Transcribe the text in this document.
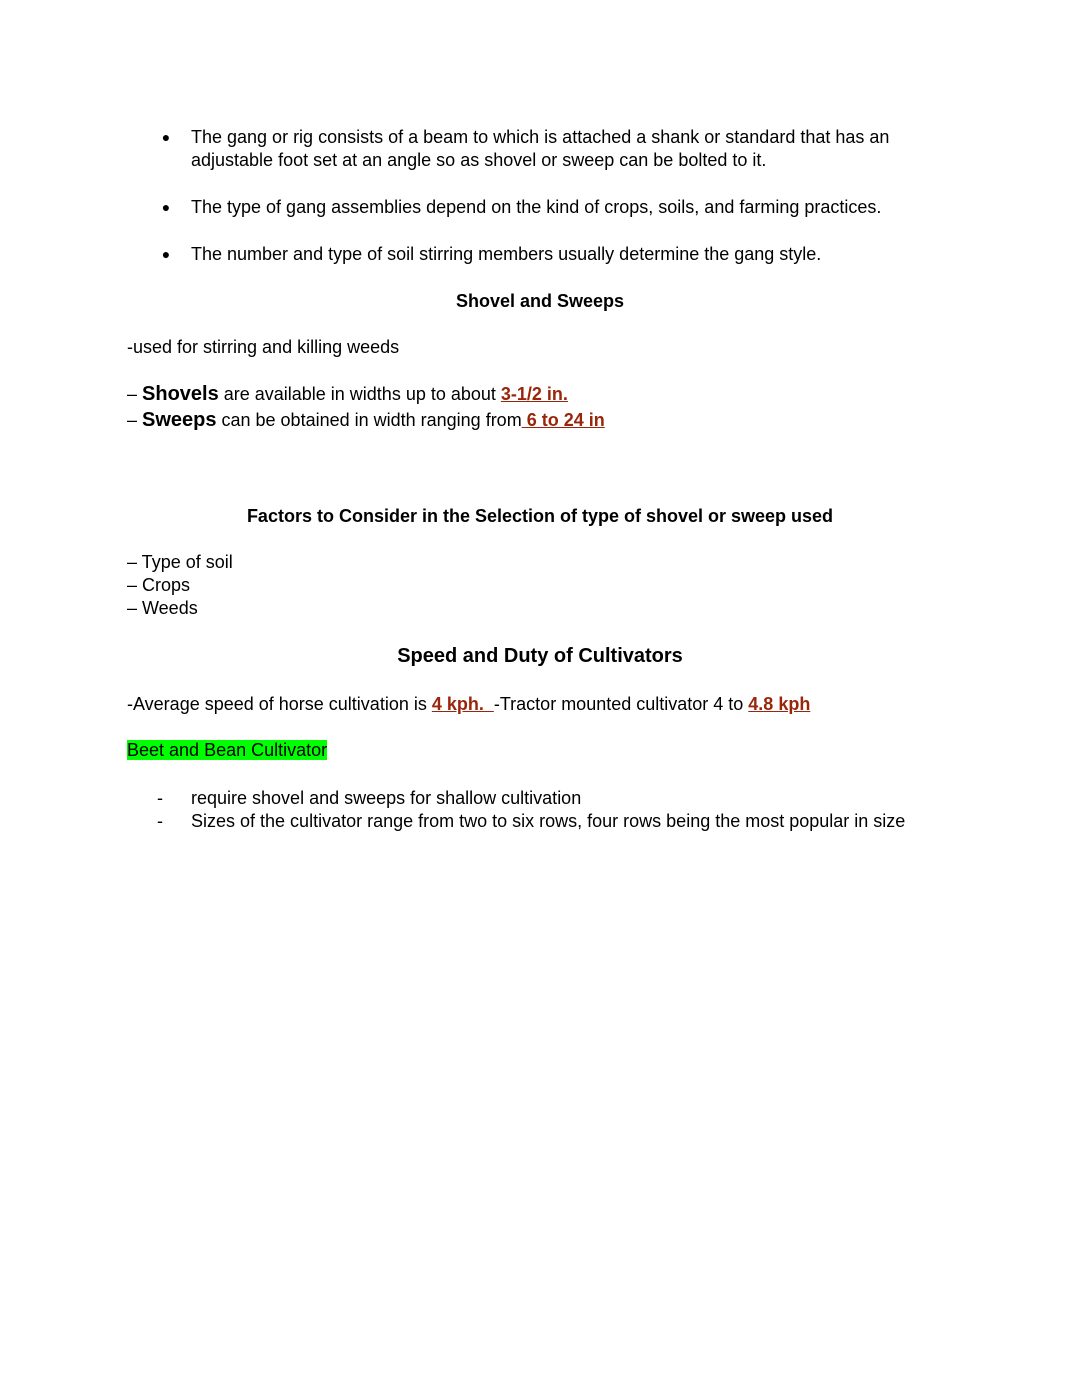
● The gang or rig consists of a beam to which is attached a shank or standard that has an
adjustable foot set at an angle so as shovel or sweep can be bolted to it.
● The type of gang assemblies depend on the kind of crops, soils, and farming practices.
● The number and type of soil stirring members usually determine the gang style.
Shovel and Sweeps
-used for stirring and killing weeds
– Shovels are available in widths up to about 3-1/2 in.
– Sweeps can be obtained in width ranging from 6 to 24 in
Factors to Consider in the Selection of type of shovel or sweep used
– Type of soil
– Crops
– Weeds
Speed and Duty of Cultivators
-Average speed of horse cultivation is 4 kph.  -Tractor mounted cultivator 4 to 4.8 kph
Beet and Bean Cultivator
- require shovel and sweeps for shallow cultivation
- Sizes of the cultivator range from two to six rows, four rows being the most popular in size
